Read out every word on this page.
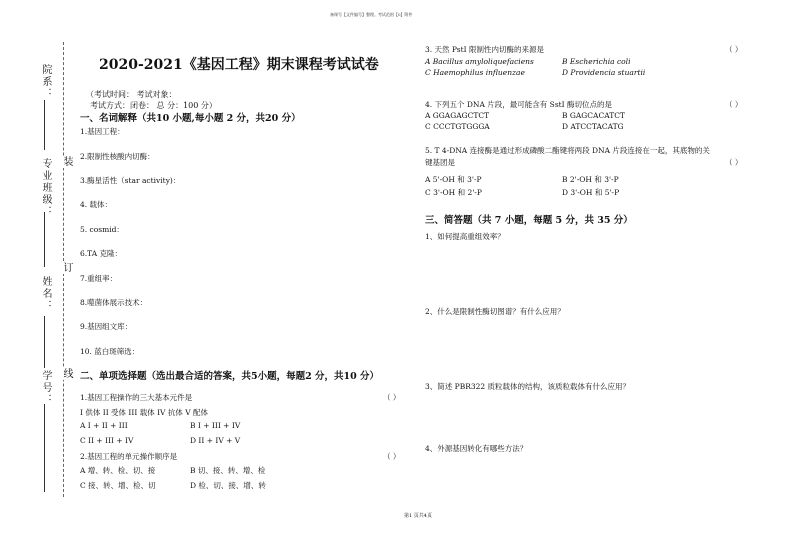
备课号【文件编号】整理。考试范围【0】附件
院系：
专业班级：
姓名：
学号：
装
订
线
2020-2021《基因工程》期末课程考试试卷
（考试时间： 考试对象：
考试方式：闭卷： 总 分：100 分）
一、名词解释（共10 小题,每小题 2 分，共20 分）
1.基因工程：
2.限制性核酸内切酶：
3.酶星活性（star activity)：
4. 载体：
5. cosmid：
6.TA 克隆：
7.重组率：
8.噬菌体展示技术：
9.基因组文库：
10. 蓝白斑筛选：
二、单项选择题（选出最合适的答案，共5小题，每题2 分，共10 分）
1.基因工程操作的三大基本元件是	（ ）
I 供体 II 受体 III 载体 IV 抗体 V 配体
A I + II + III	B I + III + IV
C II + III + IV	D II + IV + V
2.基因工程的单元操作顺序是	（ ）
A 增、转、检、切、接	B 切、接、转、增、检
C 接、转、增、检、切	D 检、切、接、增、转
3. 天然 PstI 限制性内切酶的来源是	（ ）
A Bacillus amyloliquefaciens	B Escherichia coli
C Haemophilus influenzae	D Providencia stuartii
4. 下列五个 DNA 片段，最可能含有 SstI 酶切位点的是	（ ）
A GGAGAGCTCT	B GAGCACATCT
C CCCTGTGGGA	D ATCCTACATG
5. T 4-DNA 连接酶是通过形成磷酸二酯键将两段 DNA 片段连接在一起，其底物的关
键基团是	（ ）
A 5'-OH 和 3'-P	B 2'-OH 和 3'-P
C 3'-OH 和 2'-P	D 3'-OH 和 5'-P
三、简答题（共 7 小题，每题 5 分，共 35 分）
1、如何提高重组效率？
2、什么是限制性酶切图谱？有什么应用？
3、简述 PBR322 质粒载体的结构，该质粒载体有什么应用？
4、外源基因转化有哪些方法？
第1 页共4页
